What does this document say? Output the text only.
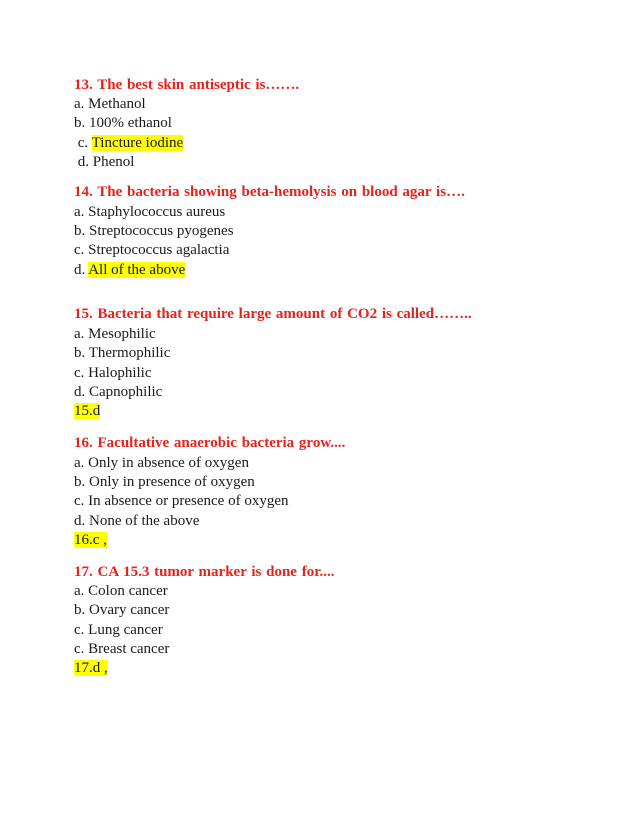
13. The best skin antiseptic is…….
a. Methanol
b. 100% ethanol
c. Tincture iodine
d. Phenol
14. The bacteria showing beta-hemolysis on blood agar is….
a. Staphylococcus aureus
b. Streptococcus pyogenes
c. Streptococcus agalactia
d. All of the above
15. Bacteria that require large amount of CO2 is called……..
a. Mesophilic
b. Thermophilic
c. Halophilic
d. Capnophilic
15.d
16. Facultative anaerobic bacteria grow....
a. Only in absence of oxygen
b. Only in presence of oxygen
c. In absence or presence of oxygen
d. None of the above
16.c ,
17. CA 15.3 tumor marker is done for....
a. Colon cancer
b. Ovary cancer
c. Lung cancer
c. Breast cancer
17.d ,
